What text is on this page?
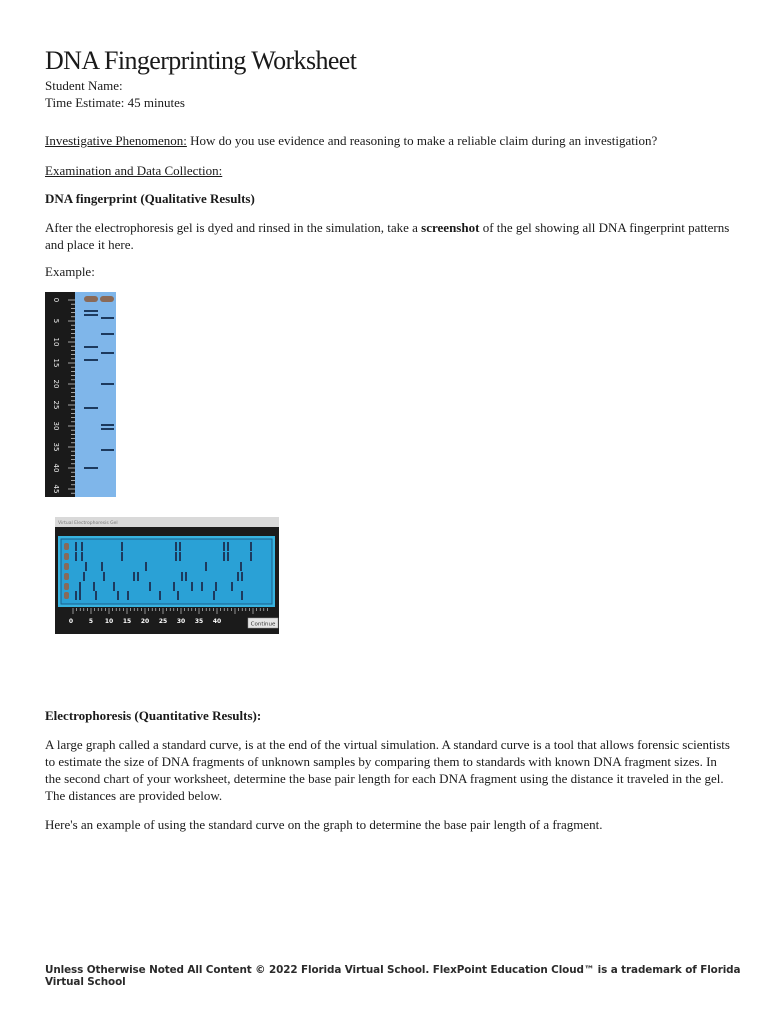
DNA Fingerprinting Worksheet
Student Name:
Time Estimate: 45 minutes
Investigative Phenomenon: How do you use evidence and reasoning to make a reliable claim during an investigation?
Examination and Data Collection:
DNA fingerprint (Qualitative Results)
After the electrophoresis gel is dyed and rinsed in the simulation, take a screenshot of the gel showing all DNA fingerprint patterns and place it here.
Example:
0
5
10
15
20
25
30
35
40
45
Virtual Electrophoresis Gel
0	5 10 15 20 25 30 35 40	Continue
Electrophoresis (Quantitative Results):
A large graph called a standard curve, is at the end of the virtual simulation. A standard curve is a tool that allows forensic scientists to estimate the size of DNA fragments of unknown samples by comparing them to standards with known DNA fragment sizes. In the second chart of your worksheet, determine the base pair length for each DNA fragment using the distance it traveled in the gel. The distances are provided below.
Here's an example of using the standard curve on the graph to determine the base pair length of a fragment.
Unless Otherwise Noted All Content © 2022 Florida Virtual School. FlexPoint Education Cloud™ is a trademark of Florida Virtual School
